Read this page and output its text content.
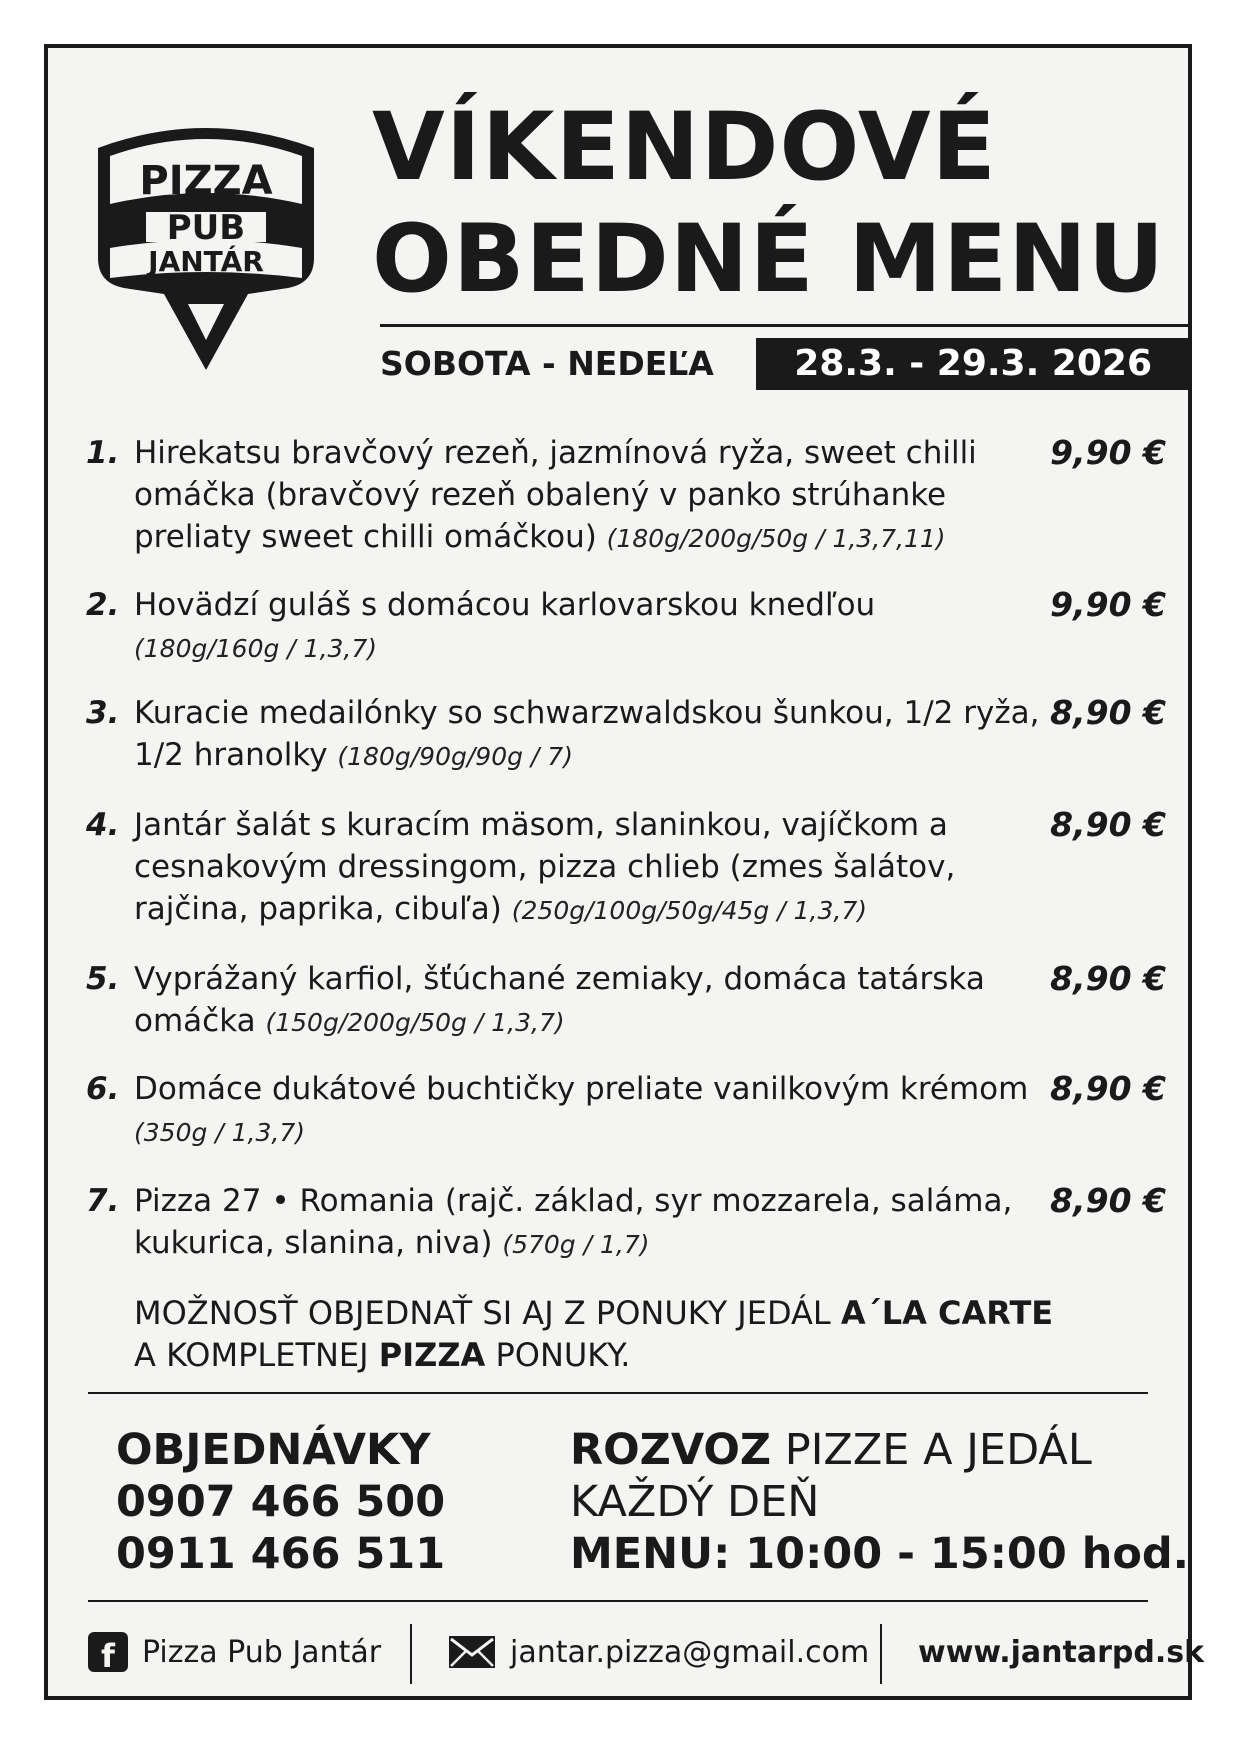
PIZZA
PUB
JANTÁR
VÍKENDOVÉ
OBEDNÉ MENU
SOBOTA - NEDEĽA	28.3. - 29.3. 2026
1. Hirekatsu bravčový rezeň, jazmínová ryža, sweet chilli omáčka (bravčový rezeň obalený v panko strúhanke preliaty sweet chilli omáčkou) (180g/200g/50g / 1,3,7,11)
9,90 €
2. Hovädzí guláš s domácou karlovarskou knedľou
(180g/160g / 1,3,7)
9,90 €
3. Kuracie medailónky so schwarzwaldskou šunkou, 1/2 ryža, 1/2 hranolky (180g/90g/90g / 7)
8,90 €
4. Jantár šalát s kuracím mäsom, slaninkou, vajíčkom a cesnakovým dressingom, pizza chlieb (zmes šalátov, rajčina, paprika, cibuľa) (250g/100g/50g/45g / 1,3,7)
8,90 €
5. Vyprážaný karfiol, šťúchané zemiaky, domáca tatárska omáčka (150g/200g/50g / 1,3,7)
8,90 €
6. Domáce dukátové buchtičky preliate vanilkovým krémom (350g / 1,3,7)
8,90 €
7. Pizza 27 • Romania (rajč. základ, syr mozzarela, saláma, kukurica, slanina, niva) (570g / 1,7)
8,90 €
MOŽNOSŤ OBJEDNAŤ SI AJ Z PONUKY JEDÁL A´LA CARTE
A KOMPLETNEJ PIZZA PONUKY.
OBJEDNÁVKY
0907 466 500
0911 466 511
ROZVOZ PIZZE A JEDÁL
KAŽDÝ DEŇ
MENU: 10:00 - 15:00 hod.
f Pizza Pub Jantár	jantar.pizza@gmail.com www.jantarpd.sk
